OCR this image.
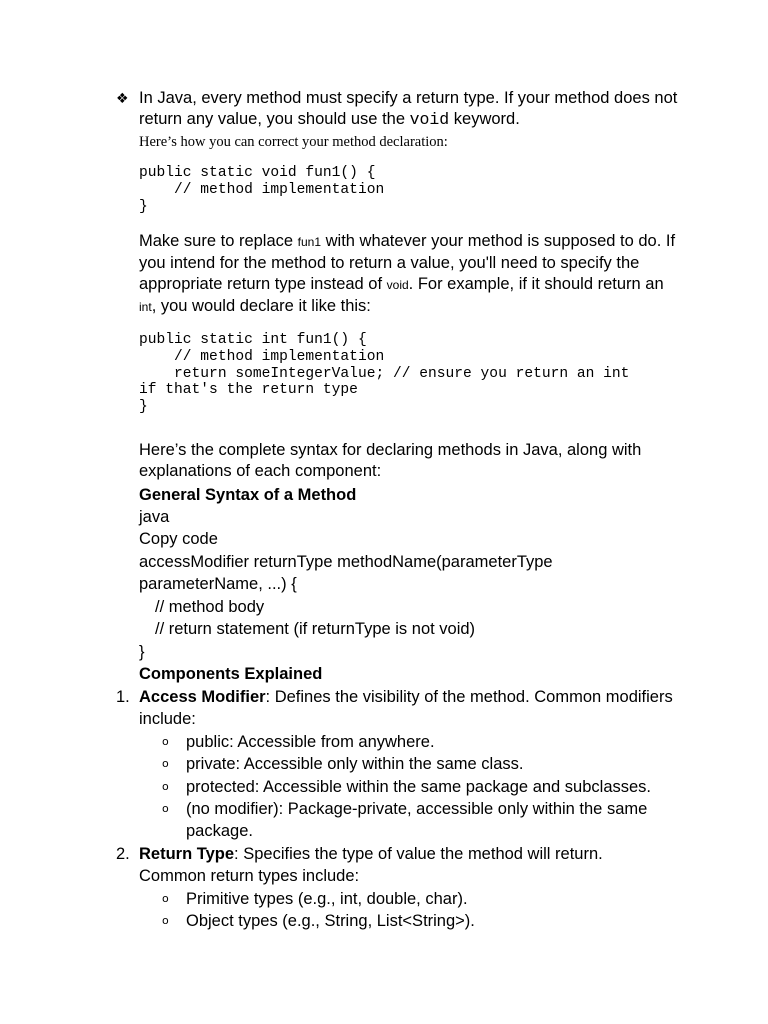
❖ In Java, every method must specify a return type. If your method does not return any value, you should use the void keyword.
Here’s how you can correct your method declaration:
public static void fun1() {
// method implementation
}
Make sure to replace fun1 with whatever your method is supposed to do. If you intend for the method to return a value, you'll need to specify the appropriate return type instead of void. For example, if it should return an int, you would declare it like this:
public static int fun1() {
// method implementation
return someIntegerValue; // ensure you return an int
if that's the return type
}
Here’s the complete syntax for declaring methods in Java, along with explanations of each component:
General Syntax of a Method
java
Copy code
accessModifier returnType methodName(parameterType
parameterName, ...) {
// method body
// return statement (if returnType is not void)
}
Components Explained
1. Access Modifier: Defines the visibility of the method. Common modifiers
include:
o public: Accessible from anywhere.
o private: Accessible only within the same class.
o protected: Accessible within the same package and subclasses.
o (no modifier): Package-private, accessible only within the same
package.
2. Return Type: Specifies the type of value the method will return.
Common return types include:
o Primitive types (e.g., int, double, char).
o Object types (e.g., String, List<String>).
